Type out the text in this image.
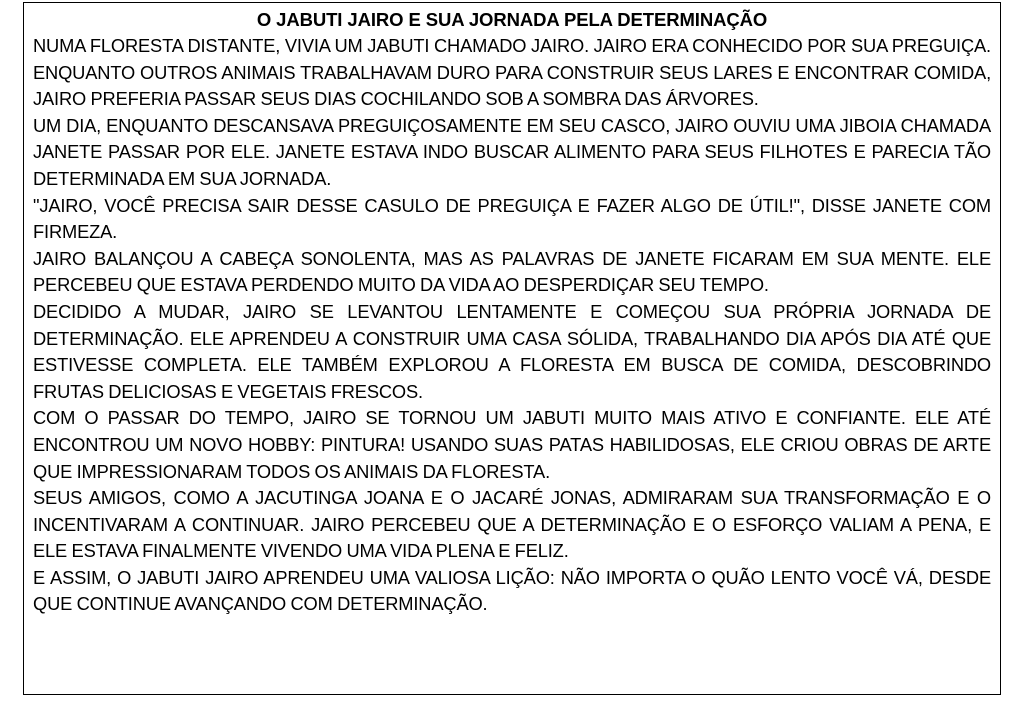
O JABUTI JAIRO E SUA JORNADA PELA DETERMINAÇÃO

NUMA FLORESTA DISTANTE, VIVIA UM JABUTI CHAMADO JAIRO. JAIRO ERA CONHECIDO POR SUA PREGUIÇA. ENQUANTO OUTROS ANIMAIS TRABALHAVAM DURO PARA CONSTRUIR SEUS LARES E ENCONTRAR COMIDA, JAIRO PREFERIA PASSAR SEUS DIAS COCHILANDO SOB A SOMBRA DAS ÁRVORES.

UM DIA, ENQUANTO DESCANSAVA PREGUIÇOSAMENTE EM SEU CASCO, JAIRO OUVIU UMA JIBOIA CHAMADA JANETE PASSAR POR ELE. JANETE ESTAVA INDO BUSCAR ALIMENTO PARA SEUS FILHOTES E PARECIA TÃO DETERMINADA EM SUA JORNADA.

"JAIRO, VOCÊ PRECISA SAIR DESSE CASULO DE PREGUIÇA E FAZER ALGO DE ÚTIL!", DISSE JANETE COM FIRMEZA.

JAIRO BALANÇOU A CABEÇA SONOLENTA, MAS AS PALAVRAS DE JANETE FICARAM EM SUA MENTE. ELE PERCEBEU QUE ESTAVA PERDENDO MUITO DA VIDA AO DESPERDIÇAR SEU TEMPO.

DECIDIDO A MUDAR, JAIRO SE LEVANTOU LENTAMENTE E COMEÇOU SUA PRÓPRIA JORNADA DE DETERMINAÇÃO. ELE APRENDEU A CONSTRUIR UMA CASA SÓLIDA, TRABALHANDO DIA APÓS DIA ATÉ QUE ESTIVESSE COMPLETA. ELE TAMBÉM EXPLOROU A FLORESTA EM BUSCA DE COMIDA, DESCOBRINDO FRUTAS DELICIOSAS E VEGETAIS FRESCOS.

COM O PASSAR DO TEMPO, JAIRO SE TORNOU UM JABUTI MUITO MAIS ATIVO E CONFIANTE. ELE ATÉ ENCONTROU UM NOVO HOBBY: PINTURA! USANDO SUAS PATAS HABILIDOSAS, ELE CRIOU OBRAS DE ARTE QUE IMPRESSIONARAM TODOS OS ANIMAIS DA FLORESTA.

SEUS AMIGOS, COMO A JACUTINGA JOANA E O JACARÉ JONAS, ADMIRARAM SUA TRANSFORMAÇÃO E O INCENTIVARAM A CONTINUAR. JAIRO PERCEBEU QUE A DETERMINAÇÃO E O ESFORÇO VALIAM A PENA, E ELE ESTAVA FINALMENTE VIVENDO UMA VIDA PLENA E FELIZ.

E ASSIM, O JABUTI JAIRO APRENDEU UMA VALIOSA LIÇÃO: NÃO IMPORTA O QUÃO LENTO VOCÊ VÁ, DESDE QUE CONTINUE AVANÇANDO COM DETERMINAÇÃO.
